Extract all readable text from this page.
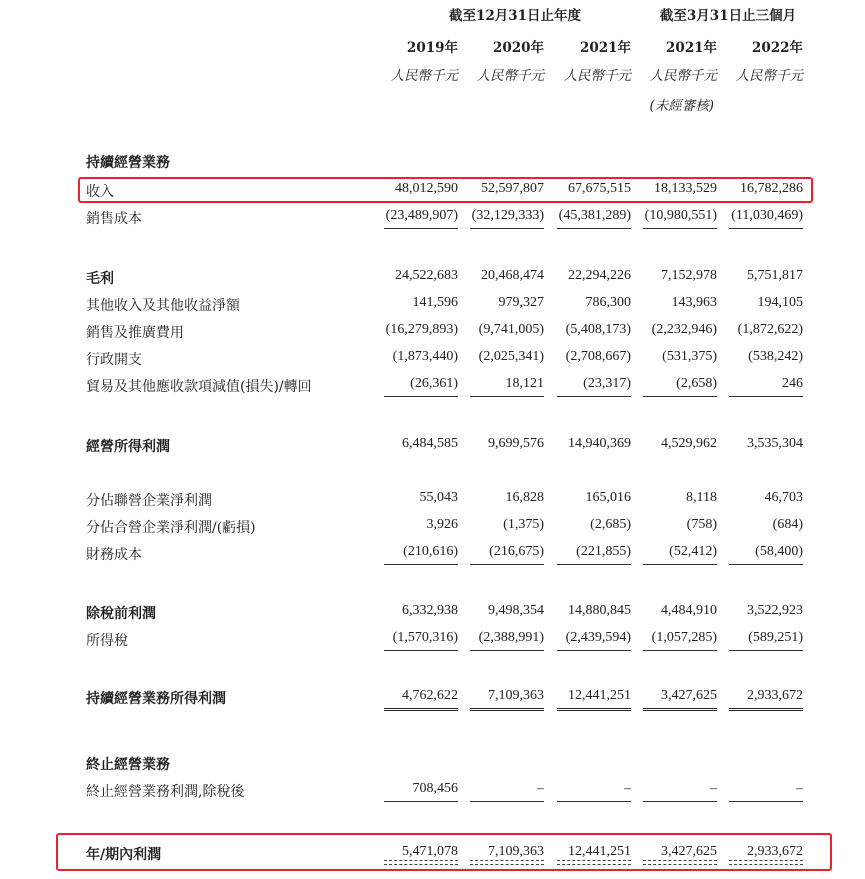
截至12月31日止年度	截至3月31日止三個月
2019年	2020年	2021年	2021年	2022年
人民幣千元 人民幣千元 人民幣千元 人民幣千元 人民幣千元
(未經審核)
持續經營業務
收入	48,012,590 52,597,807 67,675,515 18,133,529 16,782,286
銷售成本	(23,489,907) (32,129,333) (45,381,289) (10,980,551) (11,030,469)
毛利	24,522,683 20,468,474 22,294,226 7,152,978 5,751,817
其他收入及其他收益淨額	141,596	979,327	786,300	143,963	194,105
銷售及推廣費用	(16,279,893) (9,741,005) (5,408,173) (2,232,946) (1,872,622)
行政開支	(1,873,440) (2,025,341) (2,708,667) (531,375) (538,242)
貿易及其他應收款項減值(損失)/轉回	(26,361)	18,121	(23,317)	(2,658)	246
經營所得利潤	6,484,585 9,699,576 14,940,369 4,529,962 3,535,304
分佔聯營企業淨利潤	55,043	16,828	165,016	8,118	46,703
分佔合營企業淨利潤/(虧損)	3,926	(1,375)	(2,685)	(758)	(684)
財務成本	(210,616) (216,675) (221,855)	(52,412)	(58,400)
除稅前利潤	6,332,938 9,498,354 14,880,845 4,484,910 3,522,923
所得稅	(1,570,316) (2,388,991) (2,439,594) (1,057,285) (589,251)
持續經營業務所得利潤	4,762,622 7,109,363 12,441,251 3,427,625 2,933,672
終止經營業務利潤,除稅後	708,456	–	–	–	–
年/期內利潤	5,471,078 7,109,363 12,441,251 3,427,625 2,933,672
終止經營業務
